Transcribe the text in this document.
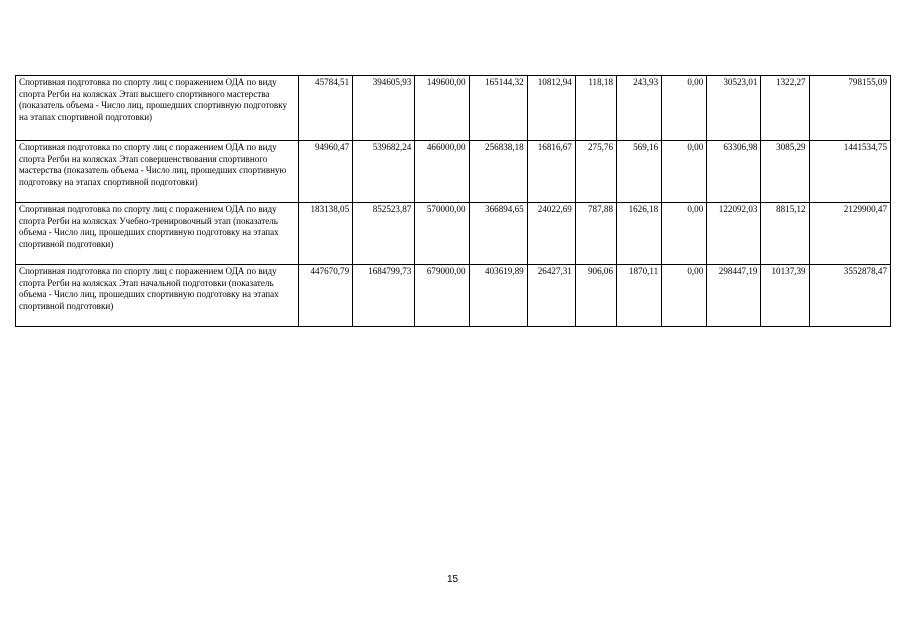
Спортивная подготовка по спорту лиц с поражением ОДА по виду спорта Регби на колясках Этап высшего спортивного мастерства (показатель объема - Число лиц, прошедших спортивную подготовку на этапах спортивной подготовки)	45784,51	394605,93	149600,00	165144,32	10812,94	118,18	243,93	0,00	30523,01	1322,27	798155,09
Спортивная подготовка по спорту лиц с поражением ОДА по виду спорта Регби на колясках Этап совершенствования спортивного мастерства (показатель объема - Число лиц, прошедших спортивную подготовку на этапах спортивной подготовки)	94960,47	539682,24	466000,00	256838,18	16816,67	275,76	569,16	0,00	63306,98	3085,29	1441534,75
Спортивная подготовка по спорту лиц с поражением ОДА по виду спорта Регби на колясках Учебно-тренировочный этап (показатель объема - Число лиц, прошедших спортивную подготовку на этапах спортивной подготовки)	183138,05	852523,87	570000,00	366894,65	24022,69	787,88	1626,18	0,00	122092,03	8815,12	2129900,47
Спортивная подготовка по спорту лиц с поражением ОДА по виду спорта Регби на колясках Этап начальной подготовки (показатель объема - Число лиц, прошедших спортивную подготовку на этапах спортивной подготовки)	447670,79	1684799,73	679000,00	403619,89	26427,31	906,06	1870,11	0,00	298447,19	10137,39	3552878,47
15
